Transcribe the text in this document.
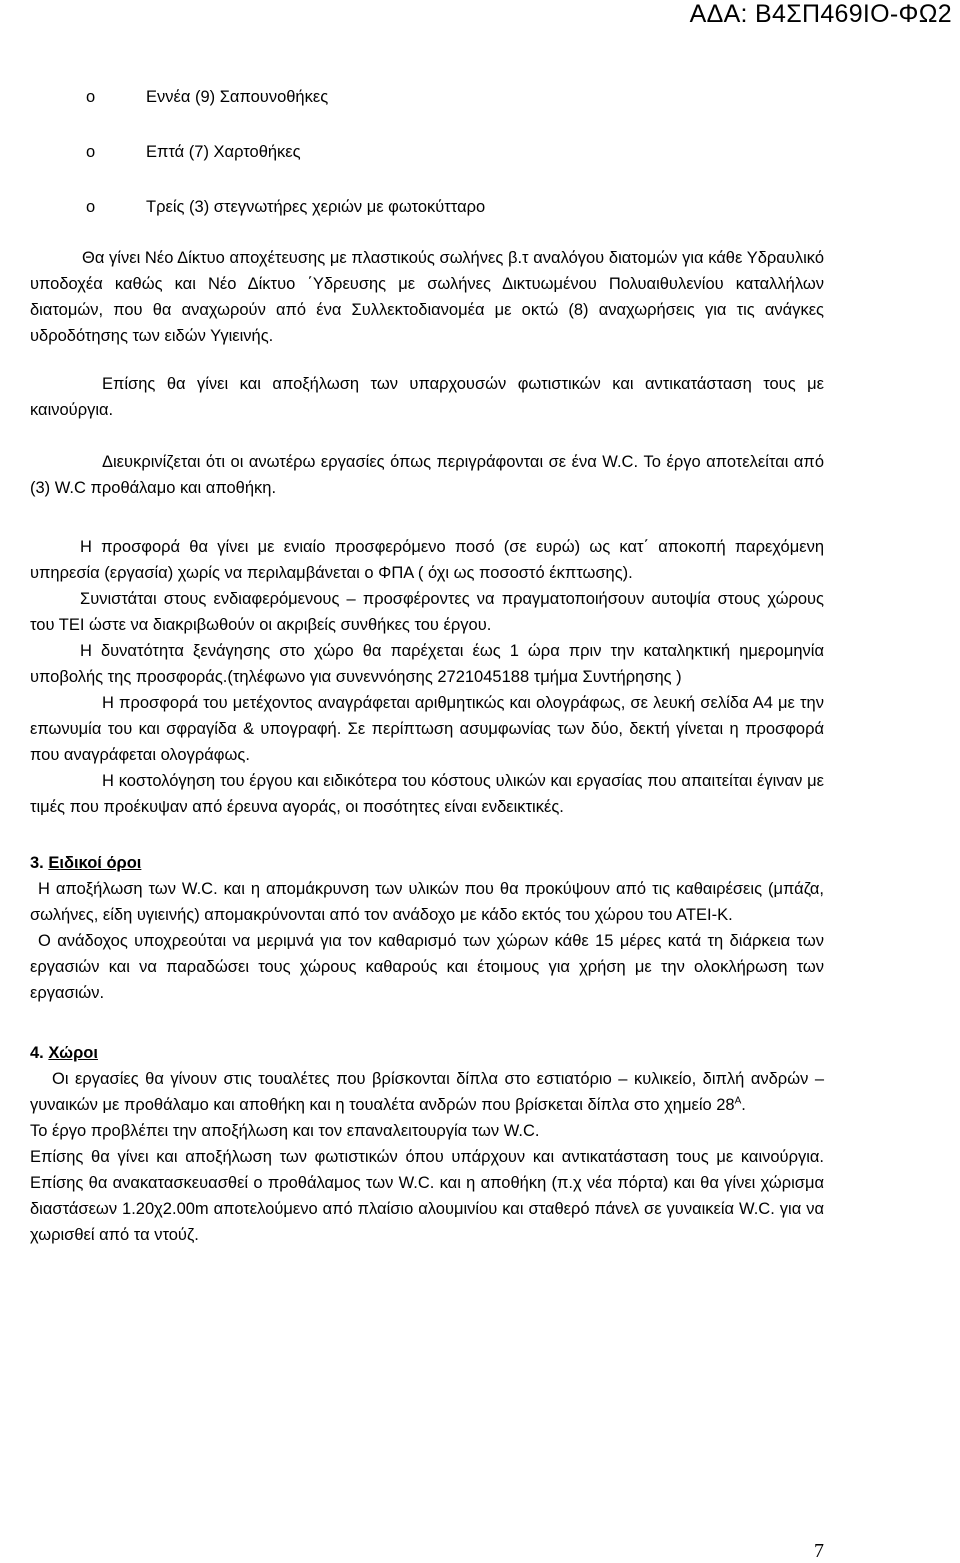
ΑΔΑ: Β4ΣΠ469ΙΟ-ΦΩ2
o	Εννέα (9) Σαπουνοθήκες
o	Επτά (7) Χαρτοθήκες
o	Τρείς (3) στεγνωτήρες χεριών με φωτοκύτταρο

Θα γίνει Νέο Δίκτυο αποχέτευσης με πλαστικούς σωλήνες β.τ αναλόγου διατομών για κάθε Υδραυλικό υποδοχέα καθώς και Νέο Δίκτυο ΄Υδρευσης με σωλήνες Δικτυωμένου Πολυαιθυλενίου καταλλήλων διατομών, που θα αναχωρούν από ένα Συλλεκτοδιανομέα με οκτώ (8) αναχωρήσεις για τις ανάγκες υδροδότησης των ειδών Υγιεινής.

Επίσης θα γίνει και αποξήλωση των υπαρχουσών φωτιστικών και αντικατάσταση τους με καινούργια.

Διευκρινίζεται ότι οι ανωτέρω εργασίες όπως περιγράφονται σε ένα W.C. Το έργο αποτελείται από (3) W.C προθάλαμο και αποθήκη.

Η προσφορά θα γίνει με ενιαίο προσφερόμενο ποσό (σε ευρώ) ως κατ΄ αποκοπή παρεχόμενη υπηρεσία (εργασία) χωρίς να περιλαμβάνεται ο ΦΠΑ ( όχι ως ποσοστό έκπτωσης).

Συνιστάται στους ενδιαφερόμενους – προσφέροντες να πραγματοποιήσουν αυτοψία στους χώρους του ΤΕΙ ώστε να διακριβωθούν οι ακριβείς συνθήκες του έργου.

Η δυνατότητα ξενάγησης στο χώρο θα παρέχεται έως 1 ώρα πριν την καταληκτική ημερομηνία υποβολής της προσφοράς.(τηλέφωνο για συνεννόησης 2721045188 τμήμα Συντήρησης )

Η προσφορά του μετέχοντος αναγράφεται αριθμητικώς και ολογράφως, σε λευκή σελίδα Α4 με την επωνυμία του και σφραγίδα & υπογραφή. Σε περίπτωση ασυμφωνίας των δύο, δεκτή γίνεται η προσφορά που αναγράφεται ολογράφως.

Η κοστολόγηση του έργου και ειδικότερα του κόστους υλικών και εργασίας που απαιτείται έγιναν με τιμές που προέκυψαν από έρευνα αγοράς, οι ποσότητες είναι ενδεικτικές.

3. Ειδικοί όροι

Η αποξήλωση των W.C. και η απομάκρυνση των υλικών που θα προκύψουν από τις καθαιρέσεις (μπάζα, σωλήνες, είδη υγιεινής) απομακρύνονται από τον ανάδοχο με κάδο εκτός του χώρου του ΑΤΕΙ-Κ.

Ο ανάδοχος υποχρεούται να μεριμνά για τον καθαρισμό των χώρων κάθε 15 μέρες κατά τη διάρκεια των εργασιών και να παραδώσει τους χώρους καθαρούς και έτοιμους για χρήση με την ολοκλήρωση των εργασιών.

4. Χώροι

Οι εργασίες θα γίνουν στις τουαλέτες που βρίσκονται δίπλα στο εστιατόριο – κυλικείο, διπλή ανδρών – γυναικών με προθάλαμο και αποθήκη και η τουαλέτα ανδρών που βρίσκεται δίπλα στο χημείο $28^A$.

Το έργο προβλέπει την αποξήλωση και τον επαναλειτουργία των W.C.

Επίσης θα γίνει και αποξήλωση των φωτιστικών όπου υπάρχουν και αντικατάσταση τους με καινούργια. Επίσης θα ανακατασκευασθεί ο προθάλαμος των W.C. και η αποθήκη (π.χ νέα πόρτα) και θα γίνει χώρισμα διαστάσεων 1.20χ2.00m αποτελούμενο από πλαίσιο αλουμινίου και σταθερό πάνελ σε γυναικεία W.C. για να χωρισθεί από τα ντούζ.

7
